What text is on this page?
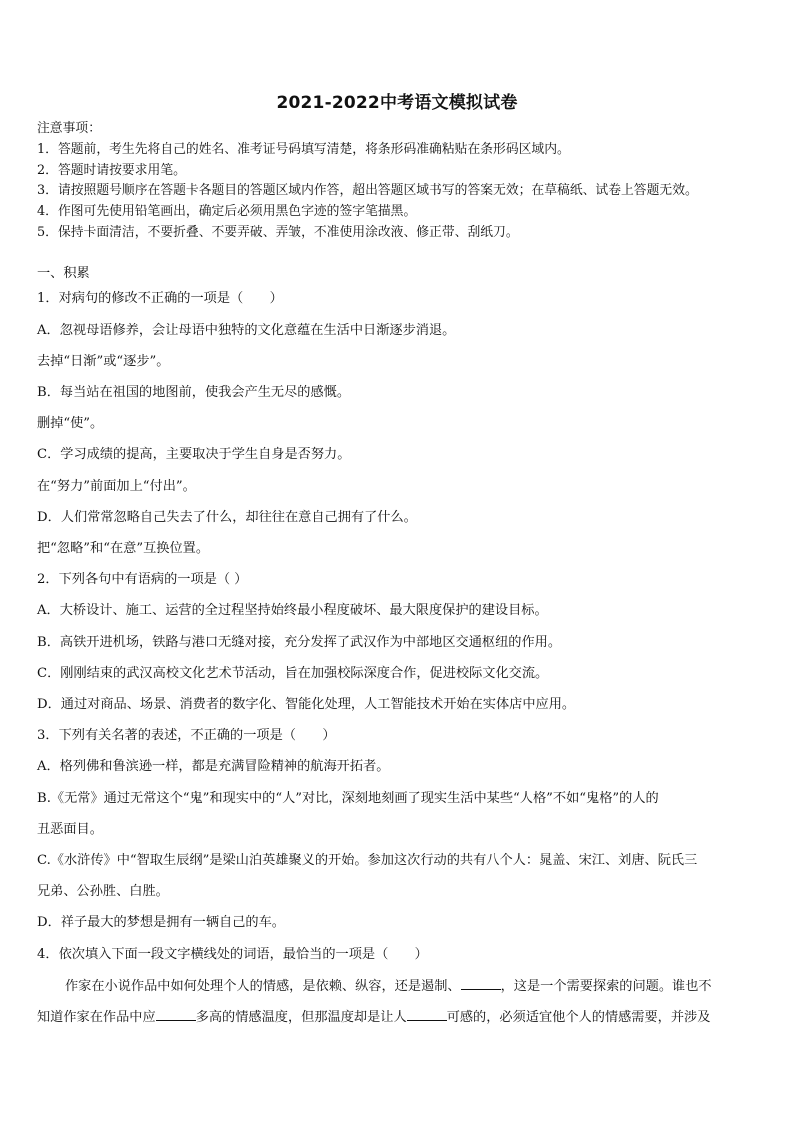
2021-2022中考语文模拟试卷
注意事项：
1．答题前，考生先将自己的姓名、准考证号码填写清楚，将条形码准确粘贴在条形码区域内。
2．答题时请按要求用笔。
3．请按照题号顺序在答题卡各题目的答题区域内作答，超出答题区域书写的答案无效；在草稿纸、试卷上答题无效。
4．作图可先使用铅笔画出，确定后必须用黑色字迹的签字笔描黑。
5．保持卡面清洁，不要折叠、不要弄破、弄皱，不准使用涂改液、修正带、刮纸刀。
一、积累
1．对病句的修改不正确的一项是（　　）
A．忽视母语修养，会让母语中独特的文化意蕴在生活中日渐逐步消退。
去掉“日渐”或“逐步”。
B．每当站在祖国的地图前，使我会产生无尽的感慨。
删掉“使”。
C．学习成绩的提高，主要取决于学生自身是否努力。
在“努力”前面加上“付出”。
D．人们常常忽略自己失去了什么，却往往在意自己拥有了什么。
把“忽略”和“在意”互换位置。
2．下列各句中有语病的一项是（ ）
A．大桥设计、施工、运营的全过程坚持始终最小程度破坏、最大限度保护的建设目标。
B．高铁开进机场，铁路与港口无缝对接，充分发挥了武汉作为中部地区交通枢纽的作用。
C．刚刚结束的武汉高校文化艺术节活动，旨在加强校际深度合作，促进校际文化交流。
D．通过对商品、场景、消费者的数字化、智能化处理，人工智能技术开始在实体店中应用。
3．下列有关名著的表述，不正确的一项是（　　）
A．格列佛和鲁滨逊一样，都是充满冒险精神的航海开拓者。
B.《无常》通过无常这个“鬼”和现实中的“人”对比，深刻地刻画了现实生活中某些“人格”不如“鬼格”的人的
丑恶面目。
C.《水浒传》中“智取生辰纲”是梁山泊英雄聚义的开始。参加这次行动的共有八个人：晁盖、宋江、刘唐、阮氏三
兄弟、公孙胜、白胜。
D．祥子最大的梦想是拥有一辆自己的车。
4．依次填入下面一段文字横线处的词语，最恰当的一项是（　　）
作家在小说作品中如何处理个人的情感，是依赖、纵容，还是遏制、	，这是一个需要探索的问题。谁也不
知道作家在作品中应	多高的情感温度，但那温度却是让人	可感的，必须适宜他个人的情感需要，并涉及
